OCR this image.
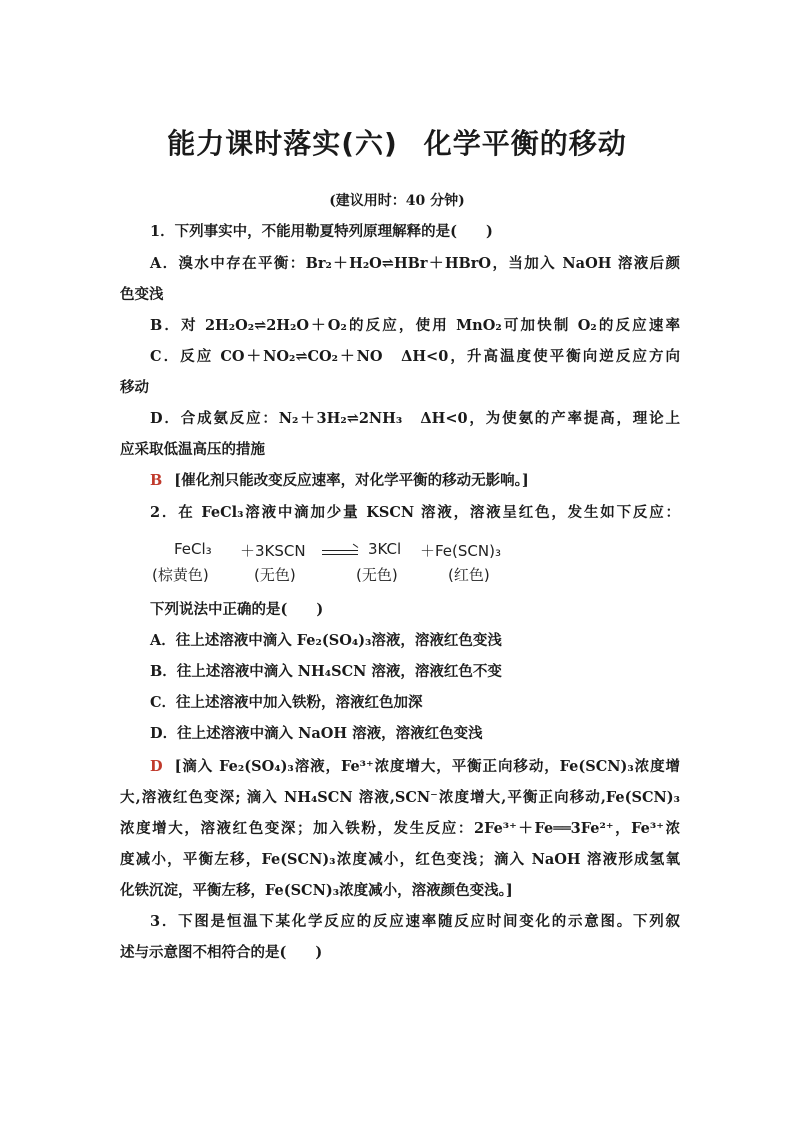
能力课时落实(六) 化学平衡的移动
(建议用时：40 分钟)
1．下列事实中，不能用勒夏特列原理解释的是(　　)
A．溴水中存在平衡：Br₂＋H₂O⇌HBr＋HBrO，当加入 NaOH 溶液后颜
色变浅
B．对 2H₂O₂⇌2H₂O＋O₂的反应，使用 MnO₂可加快制 O₂的反应速率
C．反应 CO＋NO₂⇌CO₂＋NO　ΔH<0，升高温度使平衡向逆反应方向
移动
D．合成氨反应：N₂＋3H₂⇌2NH₃　ΔH<0，为使氨的产率提高，理论上
应采取低温高压的措施
B [催化剂只能改变反应速率，对化学平衡的移动无影响。]
2．在 FeCl₃溶液中滴加少量 KSCN 溶液，溶液呈红色，发生如下反应：
FeCl₃ ＋3KSCN → 3KCl ＋Fe(SCN)₃
(棕黄色)	(无色)	(无色)	(红色)
下列说法中正确的是(　　)
A．往上述溶液中滴入 Fe₂(SO₄)₃溶液，溶液红色变浅
B．往上述溶液中滴入 NH₄SCN 溶液，溶液红色不变
C．往上述溶液中加入铁粉，溶液红色加深
D．往上述溶液中滴入 NaOH 溶液，溶液红色变浅
D [滴入 Fe₂(SO₄)₃溶液，Fe³⁺浓度增大，平衡正向移动，Fe(SCN)₃浓度增
大,溶液红色变深; 滴入 NH₄SCN 溶液,SCN⁻浓度增大,平衡正向移动,Fe(SCN)₃
浓度增大，溶液红色变深；加入铁粉，发生反应：2Fe³⁺＋Fe══3Fe²⁺，Fe³⁺浓
度减小，平衡左移，Fe(SCN)₃浓度减小，红色变浅；滴入 NaOH 溶液形成氢氧
化铁沉淀，平衡左移，Fe(SCN)₃浓度减小，溶液颜色变浅。]
3．下图是恒温下某化学反应的反应速率随反应时间变化的示意图。下列叙
述与示意图不相符合的是(　　)
